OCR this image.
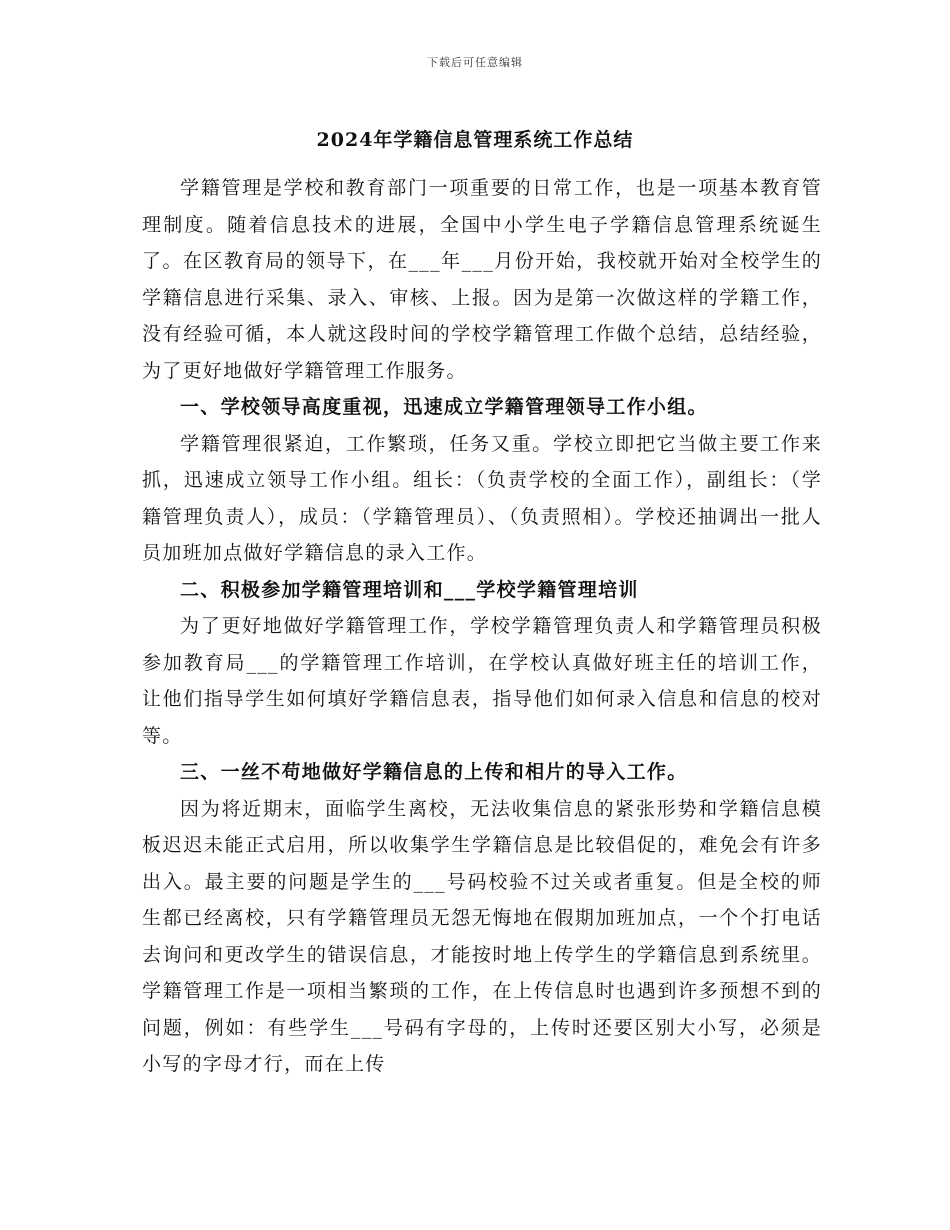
下载后可任意编辑
2024年学籍信息管理系统工作总结

学籍管理是学校和教育部门一项重要的日常工作，也是一项基本教育管理制度。随着信息技术的进展，全国中小学生电子学籍信息管理系统诞生了。在区教育局的领导下，在___年___月份开始，我校就开始对全校学生的学籍信息进行采集、录入、审核、上报。因为是第一次做这样的学籍工作，没有经验可循，本人就这段时间的学校学籍管理工作做个总结，总结经验，为了更好地做好学籍管理工作服务。

一、学校领导高度重视，迅速成立学籍管理领导工作小组。

学籍管理很紧迫，工作繁琐，任务又重。学校立即把它当做主要工作来抓，迅速成立领导工作小组。组长：（负责学校的全面工作），副组长：（学籍管理负责人），成员：（学籍管理员）、（负责照相）。学校还抽调出一批人员加班加点做好学籍信息的录入工作。

二、积极参加学籍管理培训和___学校学籍管理培训

为了更好地做好学籍管理工作，学校学籍管理负责人和学籍管理员积极参加教育局___的学籍管理工作培训，在学校认真做好班主任的培训工作，让他们指导学生如何填好学籍信息表，指导他们如何录入信息和信息的校对等。

三、一丝不苟地做好学籍信息的上传和相片的导入工作。

因为将近期末，面临学生离校，无法收集信息的紧张形势和学籍信息模板迟迟未能正式启用，所以收集学生学籍信息是比较倡促的，难免会有许多出入。最主要的问题是学生的___号码校验不过关或者重复。但是全校的师生都已经离校，只有学籍管理员无怨无悔地在假期加班加点，一个个打电话去询问和更改学生的错误信息，才能按时地上传学生的学籍信息到系统里。学籍管理工作是一项相当繁琐的工作，在上传信息时也遇到许多预想不到的问题，例如：有些学生___号码有字母的，上传时还要区别大小写，必须是小写的字母才行，而在上传
